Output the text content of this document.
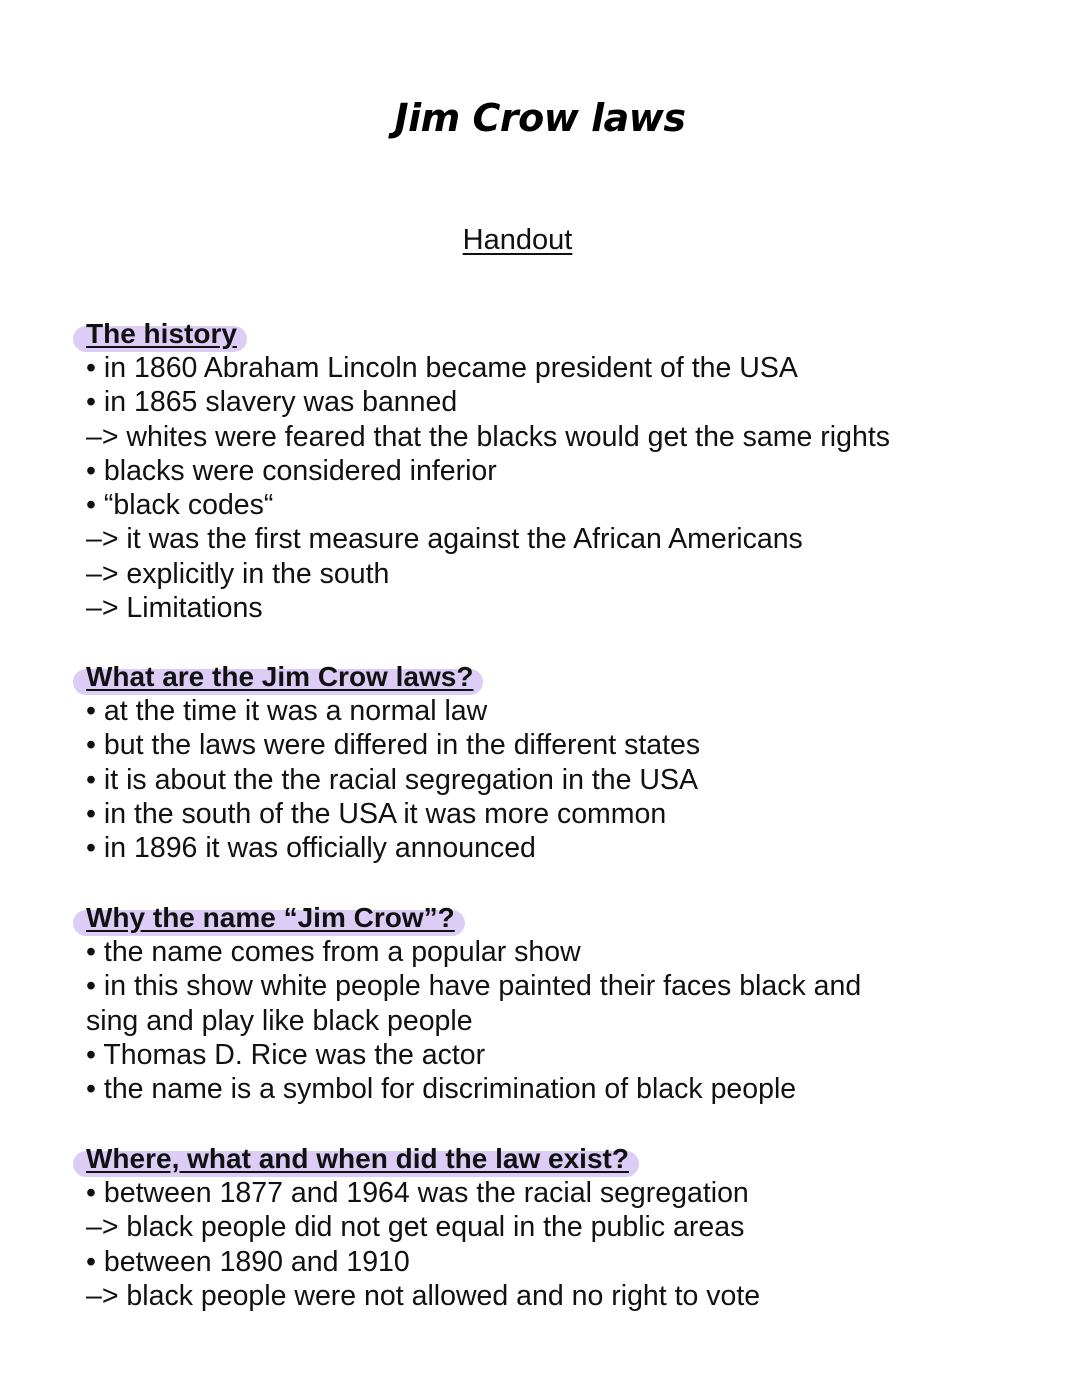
Jim Crow laws
Handout
The history
• in 1860 Abraham Lincoln became president of the USA
• in 1865 slavery was banned
–> whites were feared that the blacks would get the same rights
• blacks were considered inferior
• “black codes“
–> it was the first measure against the African Americans
–> explicitly in the south
–> Limitations
What are the Jim Crow laws?
• at the time it was a normal law
• but the laws were differed in the different states
• it is about the the racial segregation in the USA
• in the south of the USA it was more common
• in 1896 it was officially announced
Why the name “Jim Crow”?
• the name comes from a popular show
• in this show white people have painted their faces black and
sing and play like black people
• Thomas D. Rice was the actor
• the name is a symbol for discrimination of black people
Where, what and when did the law exist?
• between 1877 and 1964 was the racial segregation
–> black people did not get equal in the public areas
• between 1890 and 1910
–> black people were not allowed and no right to vote
